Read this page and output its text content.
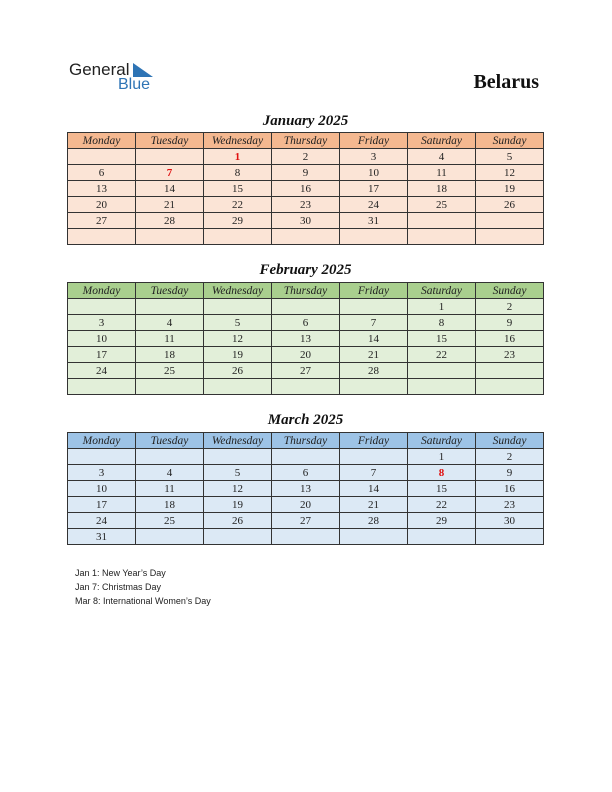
General
Blue	Belarus
January 2025
Monday	Tuesday	Wednesday	Thursday	Friday	Saturday	Sunday
		1	2	3	4	5
6	7	8	9	10	11	12
13	14	15	16	17	18	19
20	21	22	23	24	25	26
27	28	29	30	31		

February 2025
Monday	Tuesday	Wednesday	Thursday	Friday	Saturday	Sunday
					1	2
3	4	5	6	7	8	9
10	11	12	13	14	15	16
17	18	19	20	21	22	23
24	25	26	27	28		

March 2025
Monday	Tuesday	Wednesday	Thursday	Friday	Saturday	Sunday
					1	2
3	4	5	6	7	8	9
10	11	12	13	14	15	16
17	18	19	20	21	22	23
24	25	26	27	28	29	30
31						
Jan 1: New Year’s Day
Jan 7: Christmas Day
Mar 8: International Women’s Day
